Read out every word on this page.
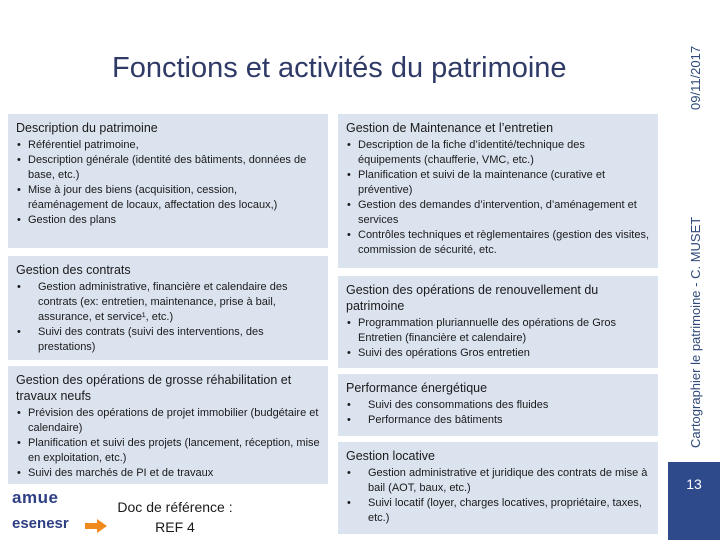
Fonctions et activités du patrimoine	09/11/2017
Cartographier le patrimoine - C. MUSET
13
Description du patrimoine
• Référentiel patrimoine,
• Description générale (identité des bâtiments, données de base, etc.)
• Mise à jour des biens (acquisition, cession, réaménagement de locaux, affectation des locaux,)
• Gestion des plans
Gestion des contrats
• Gestion administrative, financière et calendaire des contrats (ex: entretien, maintenance, prise à bail, assurance, et service¹, etc.)
• Suivi des contrats (suivi des interventions, des prestations)
Gestion des opérations de grosse réhabilitation et travaux neufs
• Prévision des opérations de projet immobilier (budgétaire et calendaire)
• Planification et suivi des projets (lancement, réception, mise en exploitation, etc.)
• Suivi des marchés de PI et de travaux
Gestion de Maintenance et l’entretien
• Description de la fiche d’identité/technique des équipements (chaufferie, VMC, etc.)
• Planification et suivi de la maintenance (curative et préventive)
• Gestion des demandes d’intervention, d’aménagement et services
• Contrôles techniques et règlementaires (gestion des visites, commission de sécurité, etc.
Gestion des opérations de renouvellement du patrimoine
• Programmation pluriannuelle des opérations de Gros Entretien (financière et calendaire)
• Suivi des opérations Gros entretien
Performance énergétique
• Suivi des consommations des fluides
• Performance des bâtiments
Gestion locative
• Gestion administrative et juridique des contrats de mise à bail (AOT, baux, etc.)
• Suivi locatif (loyer, charges locatives, propriétaire, taxes, etc.)
amue
esenesr
Doc de référence :
REF 4
